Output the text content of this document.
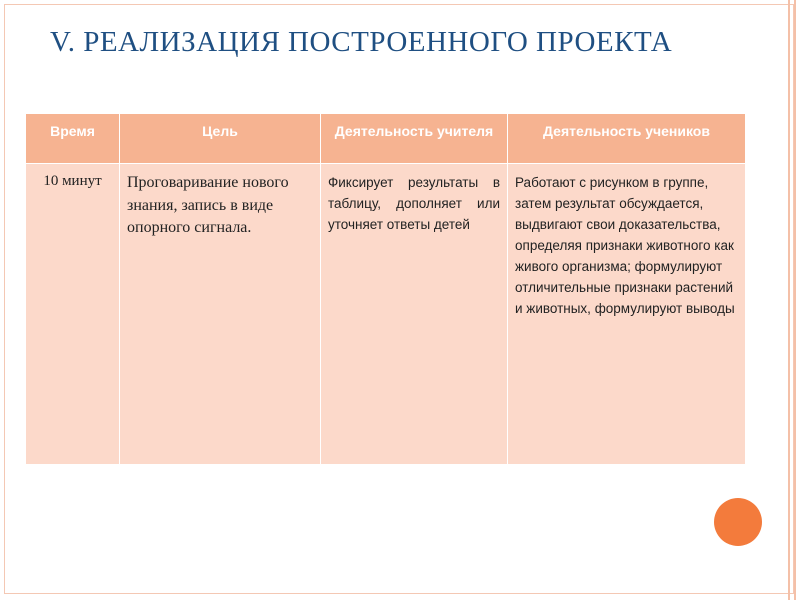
V. РЕАЛИЗАЦИЯ ПОСТРОЕННОГО ПРОЕКТА
Время	Цель	Деятельность учителя	Деятельность учеников
10 минут	Проговаривание нового знания, запись в виде опорного сигнала.	Фиксирует результаты в таблицу, дополняет или уточняет ответы детей	Работают с рисунком в группе, затем результат обсуждается, выдвигают свои доказательства, определяя признаки животного как живого организма; формулируют отличительные признаки растений и животных, формулируют выводы
